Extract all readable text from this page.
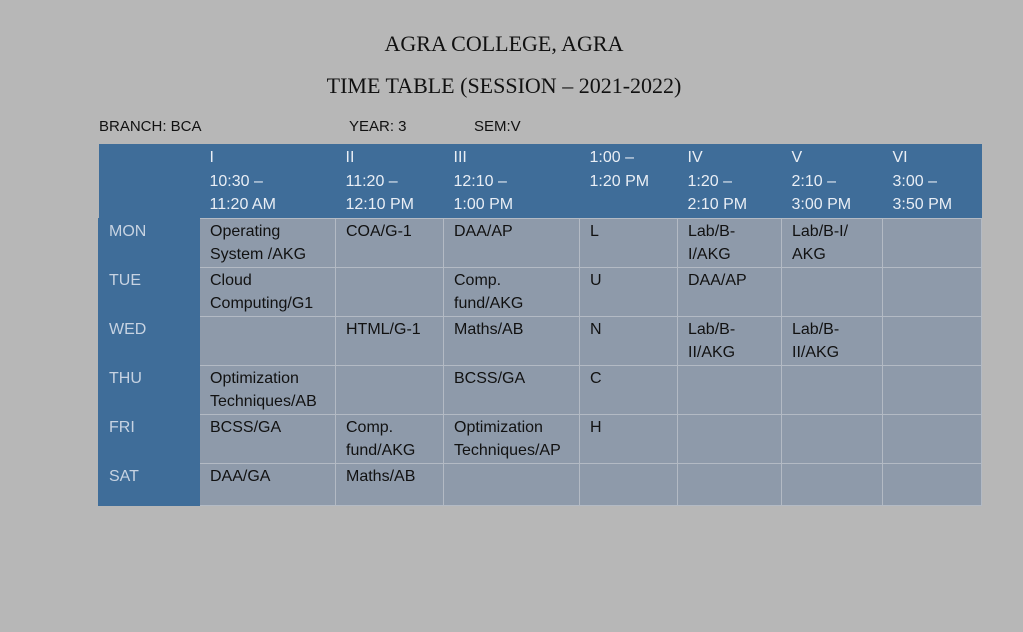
AGRA COLLEGE, AGRA
TIME TABLE (SESSION – 2021-2022)
BRANCH: BCA	YEAR: 3	SEM:V

	I
10:30 –
11:20 AM	II
11:20 –
12:10 PM	III
12:10 –
1:00 PM	1:00 –
1:20 PM	IV
1:20 –
2:10 PM	V
2:10 –
3:00 PM	VI
3:00 –
3:50 PM

MON	Operating
System /AKG	COA/G-1	DAA/AP	L	Lab/B-
I/AKG	Lab/B-I/
AKG	

TUE	Cloud
Computing/G1		Comp.
fund/AKG	U	DAA/AP		

WED		HTML/G-1	Maths/AB	N	Lab/B-
II/AKG	Lab/B-
II/AKG	

THU	Optimization
Techniques/AB		BCSS/GA	C			

FRI	BCSS/GA	Comp.
fund/AKG	Optimization
Techniques/AP	H			

SAT	DAA/GA	Maths/AB					
